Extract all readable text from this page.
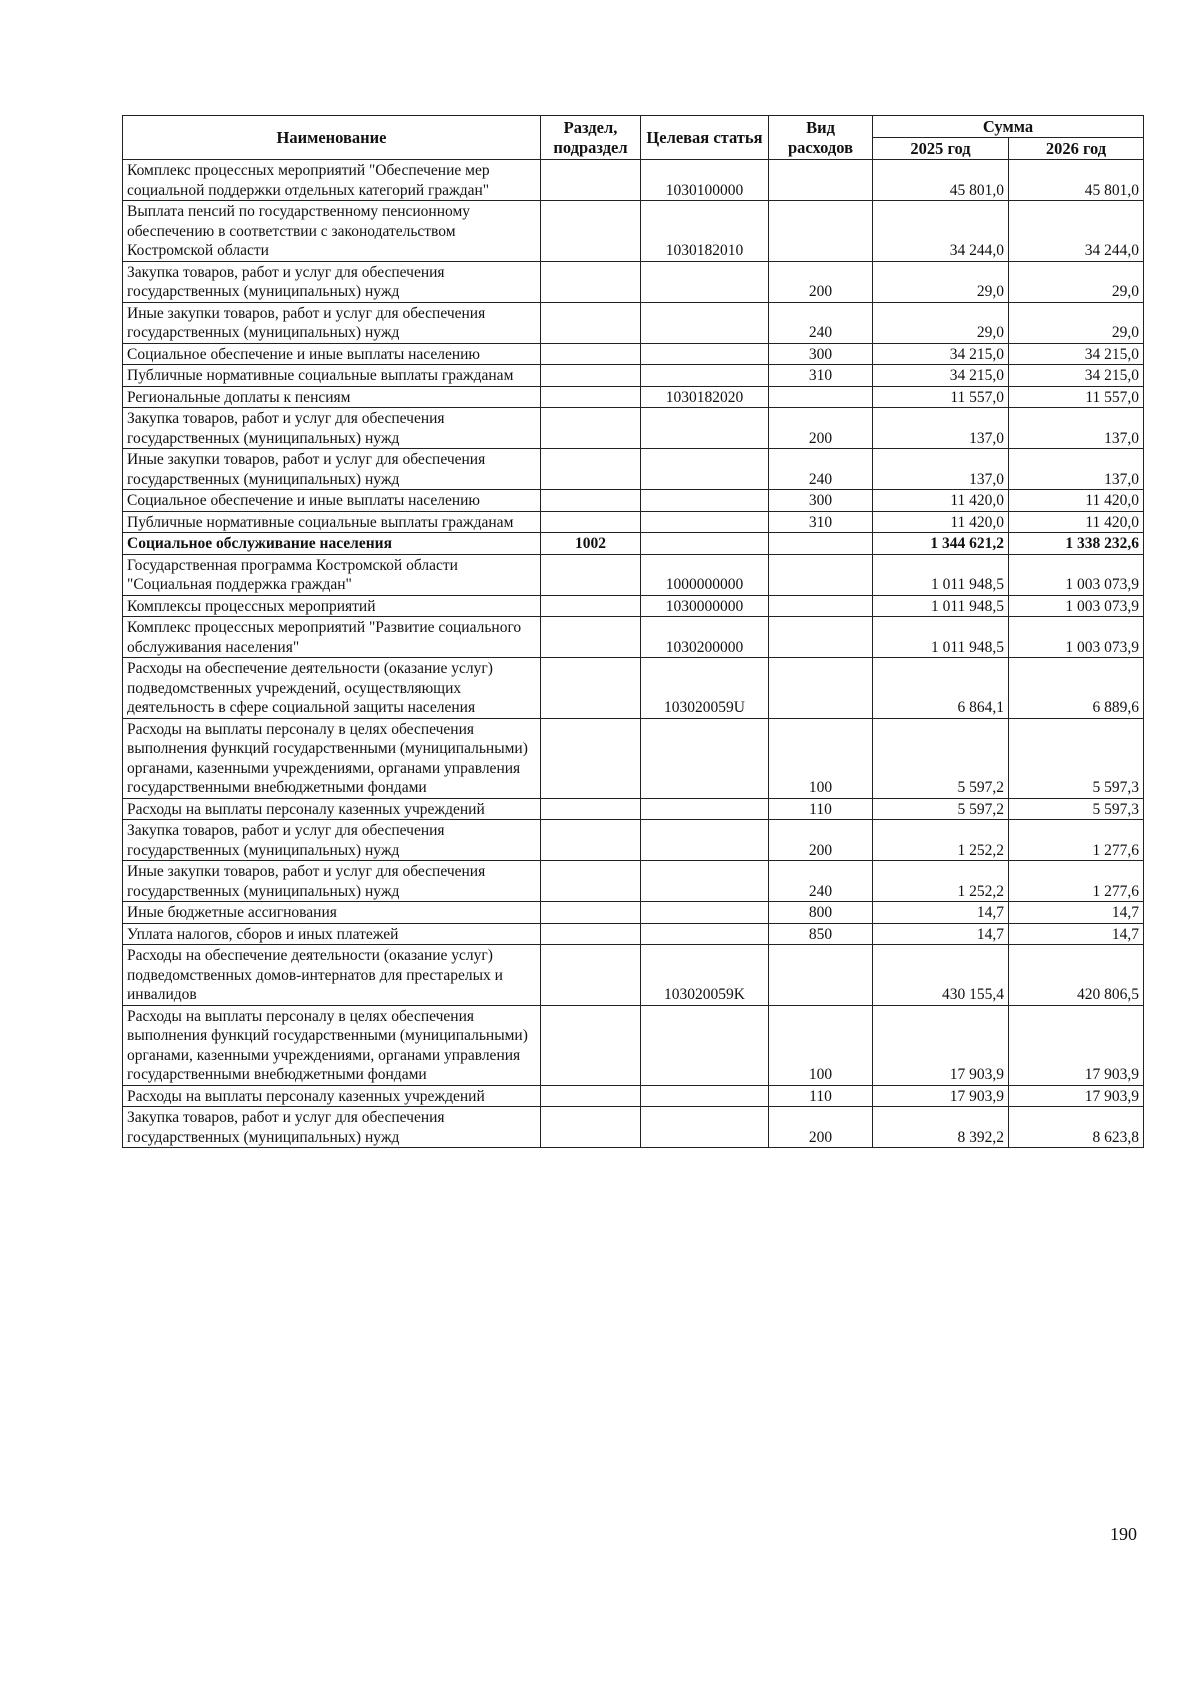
Наименование	Раздел, подраздел	Целевая статья	Вид расходов	Сумма	
				2025 год	2026 год
Комплекс процессных мероприятий "Обеспечение мер социальной поддержки отдельных категорий граждан"		1030100000		45 801,0	45 801,0
Выплата пенсий по государственному пенсионному обеспечению в соответствии с законодательством Костромской области		1030182010		34 244,0	34 244,0
Закупка товаров, работ и услуг для обеспечения государственных (муниципальных) нужд			200	29,0	29,0
Иные закупки товаров, работ и услуг для обеспечения государственных (муниципальных) нужд			240	29,0	29,0
Социальное обеспечение и иные выплаты населению			300	34 215,0	34 215,0
Публичные нормативные социальные выплаты гражданам			310	34 215,0	34 215,0
Региональные доплаты к пенсиям		1030182020		11 557,0	11 557,0
Закупка товаров, работ и услуг для обеспечения государственных (муниципальных) нужд			200	137,0	137,0
Иные закупки товаров, работ и услуг для обеспечения государственных (муниципальных) нужд			240	137,0	137,0
Социальное обеспечение и иные выплаты населению			300	11 420,0	11 420,0
Публичные нормативные социальные выплаты гражданам			310	11 420,0	11 420,0
Социальное обслуживание населения	1002			1 344 621,2	1 338 232,6
Государственная программа Костромской области "Социальная поддержка граждан"		1000000000		1 011 948,5	1 003 073,9
Комплексы процессных мероприятий		1030000000		1 011 948,5	1 003 073,9
Комплекс процессных мероприятий "Развитие социального обслуживания населения"		1030200000		1 011 948,5	1 003 073,9
Расходы на обеспечение деятельности (оказание услуг) подведомственных учреждений, осуществляющих деятельность в сфере социальной защиты населения		103020059U		6 864,1	6 889,6
Расходы на выплаты персоналу в целях обеспечения выполнения функций государственными (муниципальными) органами, казенными учреждениями, органами управления государственными внебюджетными фондами			100	5 597,2	5 597,3
Расходы на выплаты персоналу казенных учреждений			110	5 597,2	5 597,3
Закупка товаров, работ и услуг для обеспечения государственных (муниципальных) нужд			200	1 252,2	1 277,6
Иные закупки товаров, работ и услуг для обеспечения государственных (муниципальных) нужд			240	1 252,2	1 277,6
Иные бюджетные ассигнования			800	14,7	14,7
Уплата налогов, сборов и иных платежей			850	14,7	14,7
Расходы на обеспечение деятельности (оказание услуг) подведомственных домов-интернатов для престарелых и инвалидов		103020059K		430 155,4	420 806,5
Расходы на выплаты персоналу в целях обеспечения выполнения функций государственными (муниципальными) органами, казенными учреждениями, органами управления государственными внебюджетными фондами			100	17 903,9	17 903,9
Расходы на выплаты персоналу казенных учреждений			110	17 903,9	17 903,9
Закупка товаров, работ и услуг для обеспечения государственных (муниципальных) нужд			200	8 392,2	8 623,8
190
